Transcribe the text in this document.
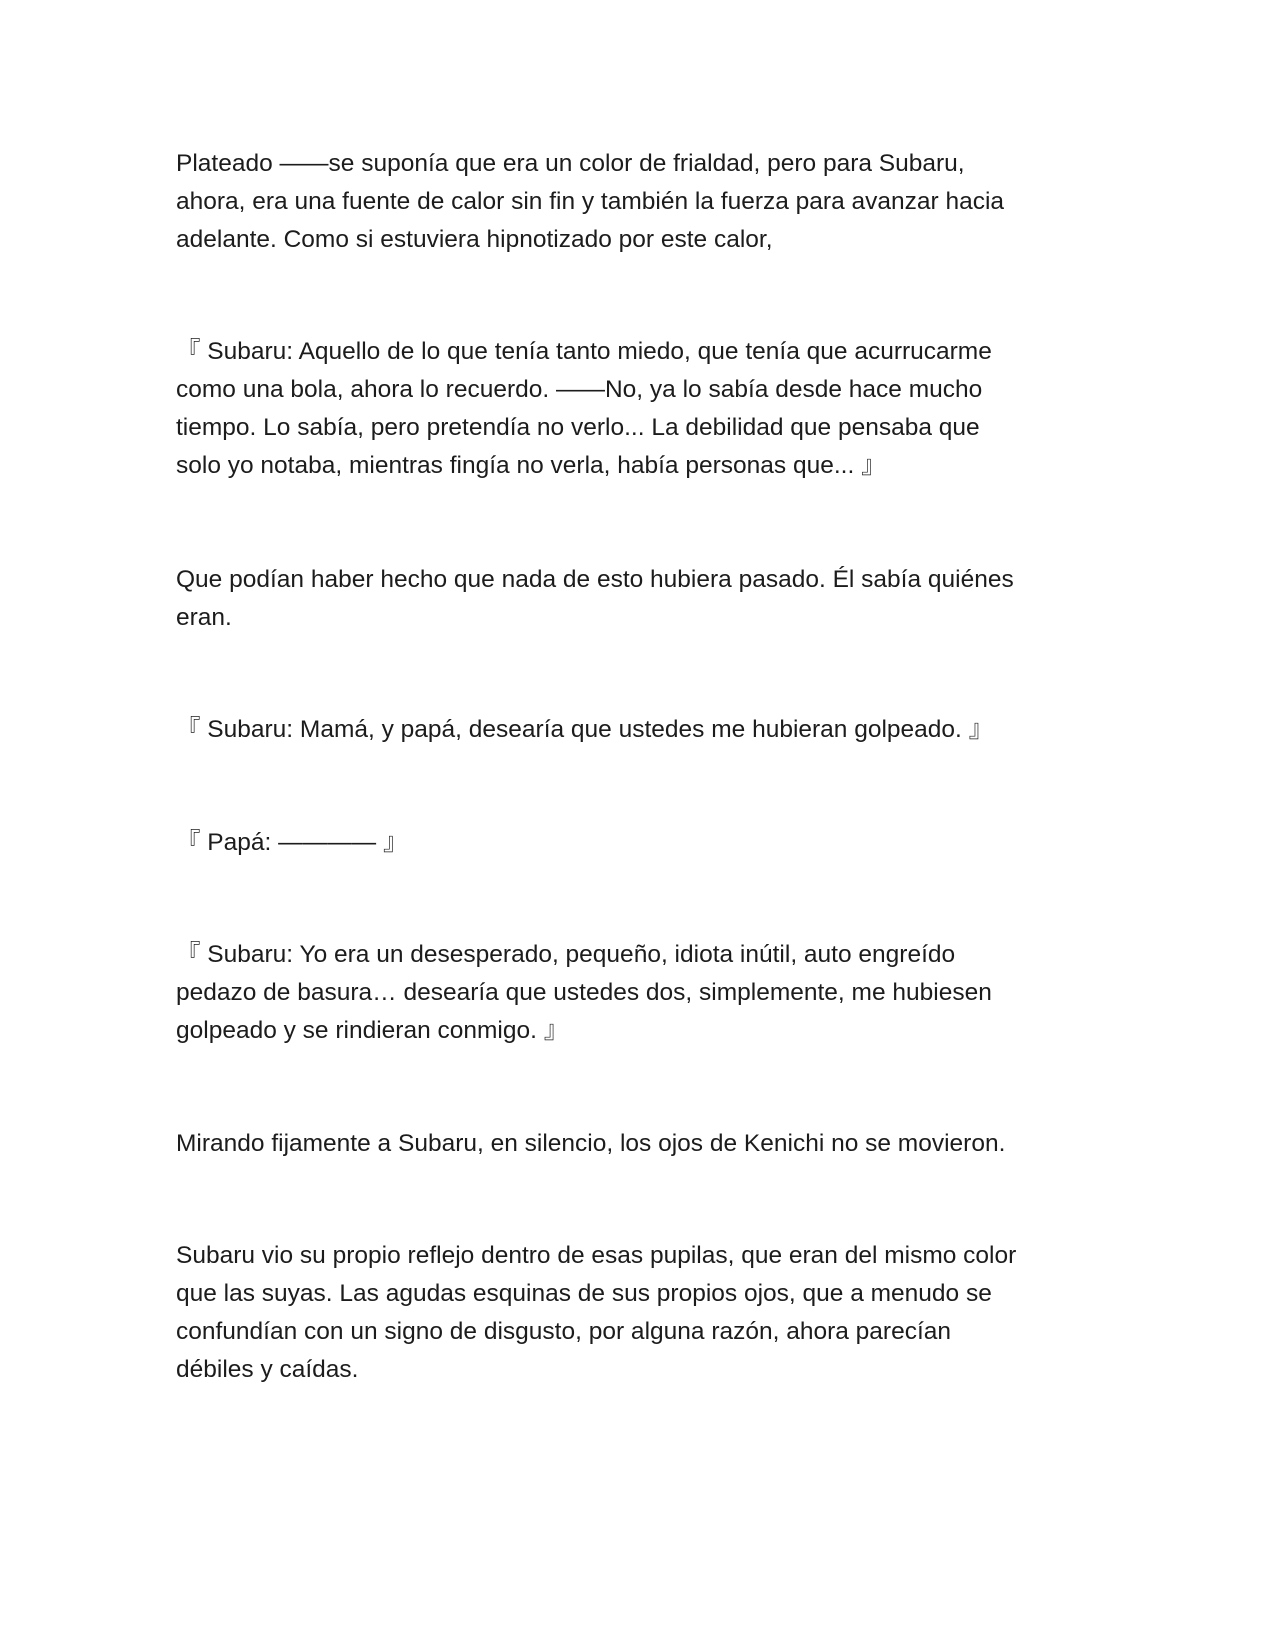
Plateado ——se suponía que era un color de frialdad, pero para Subaru,
ahora, era una fuente de calor sin fin y también la fuerza para avanzar hacia
adelante. Como si estuviera hipnotizado por este calor,

『 Subaru: Aquello de lo que tenía tanto miedo, que tenía que acurrucarme
como una bola, ahora lo recuerdo. ——No, ya lo sabía desde hace mucho
tiempo. Lo sabía, pero pretendía no verlo... La debilidad que pensaba que
solo yo notaba, mientras fingía no verla, había personas que... 』

Que podían haber hecho que nada de esto hubiera pasado. Él sabía quiénes
eran.

『 Subaru: Mamá, y papá, desearía que ustedes me hubieran golpeado. 』

『 Papá: ———— 』

『 Subaru: Yo era un desesperado, pequeño, idiota inútil, auto engreído
pedazo de basura… desearía que ustedes dos, simplemente, me hubiesen
golpeado y se rindieran conmigo. 』

Mirando fijamente a Subaru, en silencio, los ojos de Kenichi no se movieron.

Subaru vio su propio reflejo dentro de esas pupilas, que eran del mismo color
que las suyas. Las agudas esquinas de sus propios ojos, que a menudo se
confundían con un signo de disgusto, por alguna razón, ahora parecían
débiles y caídas.
